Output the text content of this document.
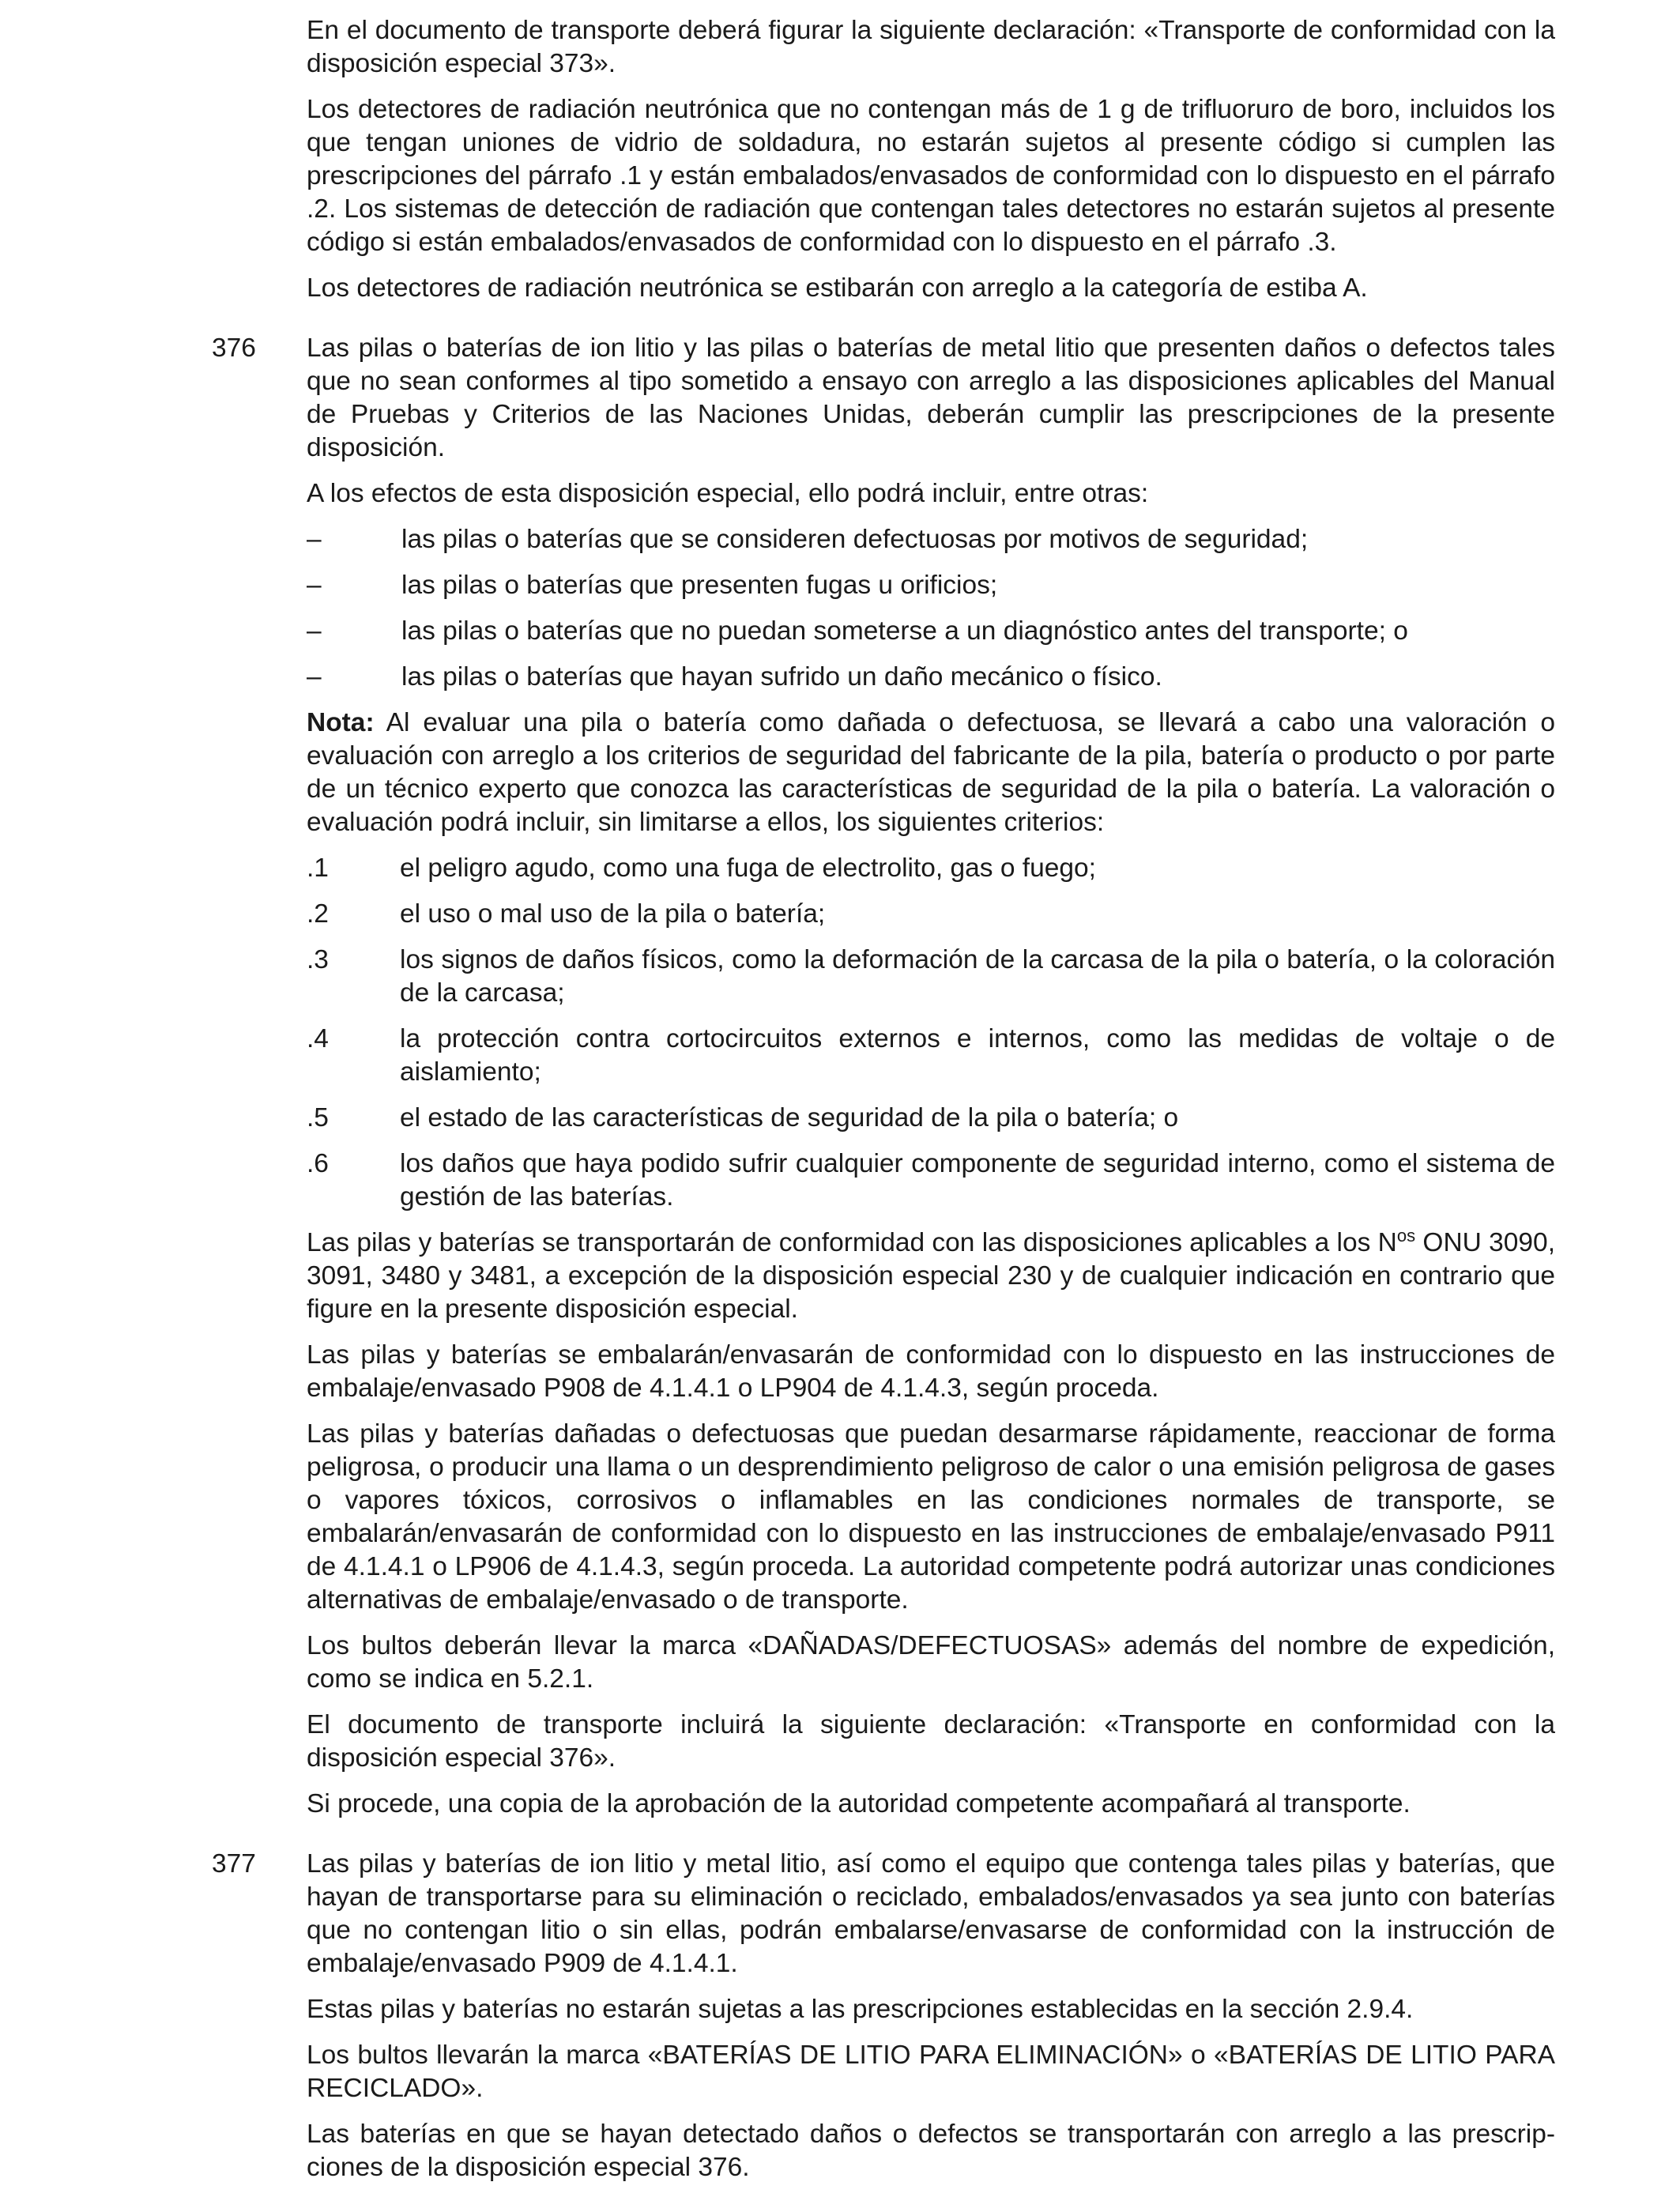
En el documento de transporte deberá figurar la siguiente declaración: «Transporte de conformidad con la disposición especial 373».

Los detectores de radiación neutrónica que no contengan más de 1 g de trifluoruro de boro, incluidos los que tengan uniones de vidrio de soldadura, no estarán sujetos al presente código si cumplen las prescripciones del párrafo .1 y están embalados/envasados de conformidad con lo dispuesto en el párrafo .2. Los sistemas de detección de radiación que contengan tales detectores no estarán sujetos al presente código si están embalados/envasados de conformidad con lo dispuesto en el párrafo .3.

Los detectores de radiación neutrónica se estibarán con arreglo a la categoría de estiba A.

376 Las pilas o baterías de ion litio y las pilas o baterías de metal litio que presenten daños o defectos tales que no sean conformes al tipo sometido a ensayo con arreglo a las disposiciones aplicables del Manual de Pruebas y Criterios de las Naciones Unidas, deberán cumplir las prescripciones de la presente disposición.

A los efectos de esta disposición especial, ello podrá incluir, entre otras:

–	las pilas o baterías que se consideren defectuosas por motivos de seguridad;

–	las pilas o baterías que presenten fugas u orificios;

–	las pilas o baterías que no puedan someterse a un diagnóstico antes del transporte; o

–	las pilas o baterías que hayan sufrido un daño mecánico o físico.

Nota: Al evaluar una pila o batería como dañada o defectuosa, se llevará a cabo una valoración o evaluación con arreglo a los criterios de seguridad del fabricante de la pila, batería o producto o por parte de un técnico experto que conozca las características de seguridad de la pila o batería. La valoración o evaluación podrá incluir, sin limitarse a ellos, los siguientes criterios:

.1	el peligro agudo, como una fuga de electrolito, gas o fuego;

.2	el uso o mal uso de la pila o batería;

.3	los signos de daños físicos, como la deformación de la carcasa de la pila o batería, o la coloración de la carcasa;

.4	la protección contra cortocircuitos externos e internos, como las medidas de voltaje o de aislamiento;

.5	el estado de las características de seguridad de la pila o batería; o

.6	los daños que haya podido sufrir cualquier componente de seguridad interno, como el sistema de gestión de las baterías.

Las pilas y baterías se transportarán de conformidad con las disposiciones aplicables a los $N^{os}$ ONU 3090, 3091, 3480 y 3481, a excepción de la disposición especial 230 y de cualquier indicación en contrario que figure en la presente disposición especial.

Las pilas y baterías se embalarán/envasarán de conformidad con lo dispuesto en las instrucciones de embalaje/envasado P908 de 4.1.4.1 o LP904 de 4.1.4.3, según proceda.

Las pilas y baterías dañadas o defectuosas que puedan desarmarse rápidamente, reaccionar de forma peligrosa, o producir una llama o un desprendimiento peligroso de calor o una emisión peligrosa de gases o vapores tóxicos, corrosivos o inflamables en las condiciones normales de transporte, se embalarán/envasarán de conformidad con lo dispuesto en las instrucciones de embalaje/envasado P911 de 4.1.4.1 o LP906 de 4.1.4.3, según proceda. La autoridad competente podrá autorizar unas condiciones alternativas de embalaje/envasado o de transporte.

Los bultos deberán llevar la marca «DAÑADAS/DEFECTUOSAS» además del nombre de expedición, como se indica en 5.2.1.

El documento de transporte incluirá la siguiente declaración: «Transporte en conformidad con la disposición especial 376».

Si procede, una copia de la aprobación de la autoridad competente acompañará al transporte.

377 Las pilas y baterías de ion litio y metal litio, así como el equipo que contenga tales pilas y baterías, que hayan de transportarse para su eliminación o reciclado, embalados/envasados ya sea junto con baterías que no contengan litio o sin ellas, podrán embalarse/envasarse de conformidad con la instrucción de embalaje/envasado P909 de 4.1.4.1.

Estas pilas y baterías no estarán sujetas a las prescripciones establecidas en la sección 2.9.4.

Los bultos llevarán la marca «BATERÍAS DE LITIO PARA ELIMINACIÓN» o «BATERÍAS DE LITIO PARA RECICLADO».

Las baterías en que se hayan detectado daños o defectos se transportarán con arreglo a las prescripciones de la disposición especial 376.
